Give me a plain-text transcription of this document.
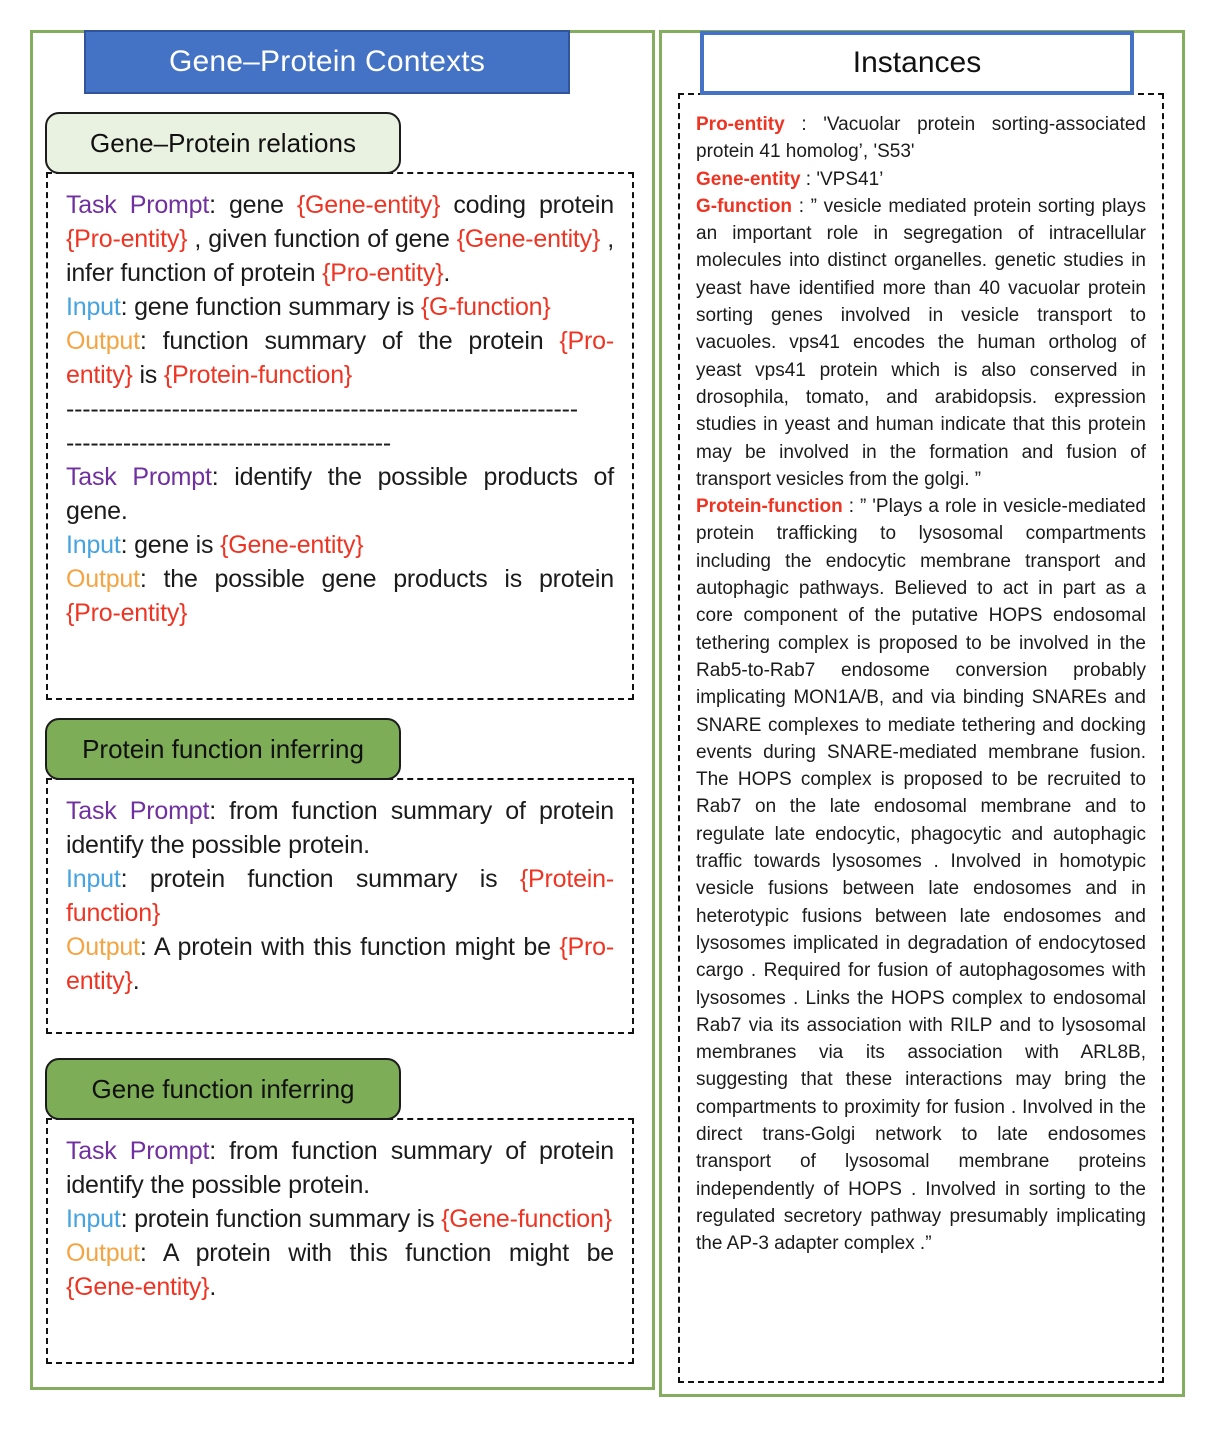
Gene–Protein Contexts
Gene–Protein relations
Task Prompt: gene {Gene-entity} coding protein {Pro-entity} , given function of gene {Gene-entity} , infer function of protein {Pro-entity}.
Input: gene function summary is {G-function}
Output: function summary of the protein {Pro-entity} is {Protein-function}
---------------------------------------------------------------
----------------------------------------
Task Prompt: identify the possible products of gene.
Input: gene is {Gene-entity}
Output: the possible gene products is protein {Pro-entity}
Protein function inferring
Task Prompt: from function summary of protein identify the possible protein.
Input: protein function summary is {Protein-function}
Output: A protein with this function might be {Pro-entity}.
Gene function inferring
Task Prompt: from function summary of protein identify the possible protein.
Input: protein function summary is {Gene-function}
Output: A protein with this function might be {Gene-entity}.
Instances
Pro-entity : 'Vacuolar protein sorting-associated protein 41 homolog’, 'S53'
Gene-entity : 'VPS41’
G-function : ” vesicle mediated protein sorting plays an important role in segregation of intracellular molecules into distinct organelles. genetic studies in yeast have identified more than 40 vacuolar protein sorting genes involved in vesicle transport to vacuoles. vps41 encodes the human ortholog of yeast vps41 protein which is also conserved in drosophila, tomato, and arabidopsis. expression studies in yeast and human indicate that this protein may be involved in the formation and fusion of transport vesicles from the golgi. ”
Protein-function : ” 'Plays a role in vesicle-mediated protein trafficking to lysosomal compartments including the endocytic membrane transport and autophagic pathways. Believed to act in part as a core component of the putative HOPS endosomal tethering complex is proposed to be involved in the Rab5-to-Rab7 endosome conversion probably implicating MON1A/B, and via binding SNAREs and SNARE complexes to mediate tethering and docking events during SNARE-mediated membrane fusion. The HOPS complex is proposed to be recruited to Rab7 on the late endosomal membrane and to regulate late endocytic, phagocytic and autophagic traffic towards lysosomes . Involved in homotypic vesicle fusions between late endosomes and in heterotypic fusions between late endosomes and lysosomes implicated in degradation of endocytosed cargo . Required for fusion of autophagosomes with lysosomes . Links the HOPS complex to endosomal Rab7 via its association with RILP and to lysosomal membranes via its association with ARL8B, suggesting that these interactions may bring the compartments to proximity for fusion . Involved in the direct trans-Golgi network to late endosomes transport of lysosomal membrane proteins independently of HOPS . Involved in sorting to the regulated secretory pathway presumably implicating the AP-3 adapter complex .”
